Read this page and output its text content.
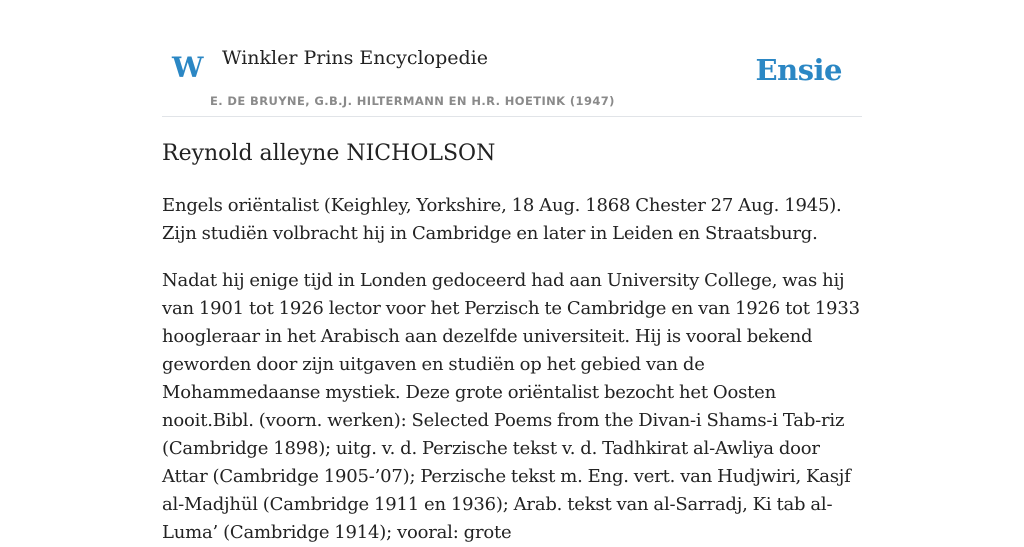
W Winkler Prins Encyclopedie
E. DE BRUYNE, G.B.J. HILTERMANN EN H.R. HOETINK (1947)
Ensie
Reynold alleyne NICHOLSON

Engels oriëntalist (Keighley, Yorkshire, 18 Aug. 1868 Chester 27 Aug. 1945). Zijn studiën volbracht hij in Cambridge en later in Leiden en Straatsburg.

Nadat hij enige tijd in Londen gedoceerd had aan University College, was hij van 1901 tot 1926 lector voor het Perzisch te Cambridge en van 1926 tot 1933 hoogleraar in het Arabisch aan dezelfde universiteit. Hij is vooral bekend geworden door zijn uitgaven en studiën op het gebied van de Mohammedaanse mystiek. Deze grote oriëntalist bezocht het Oosten nooit.Bibl. (voorn. werken): Selected Poems from the Divan-i Shams-i Tab-riz (Cambridge 1898); uitg. v. d. Perzische tekst v. d. Tadhkirat al-Awliya door Attar (Cambridge 1905-’07); Perzische tekst m. Eng. vert. van Hudjwiri, Kasjf al-Madjhül (Cambridge 1911 en 1936); Arab. tekst van al-Sarradj, Ki tab al-Luma’ (Cambridge 1914); vooral: grote
